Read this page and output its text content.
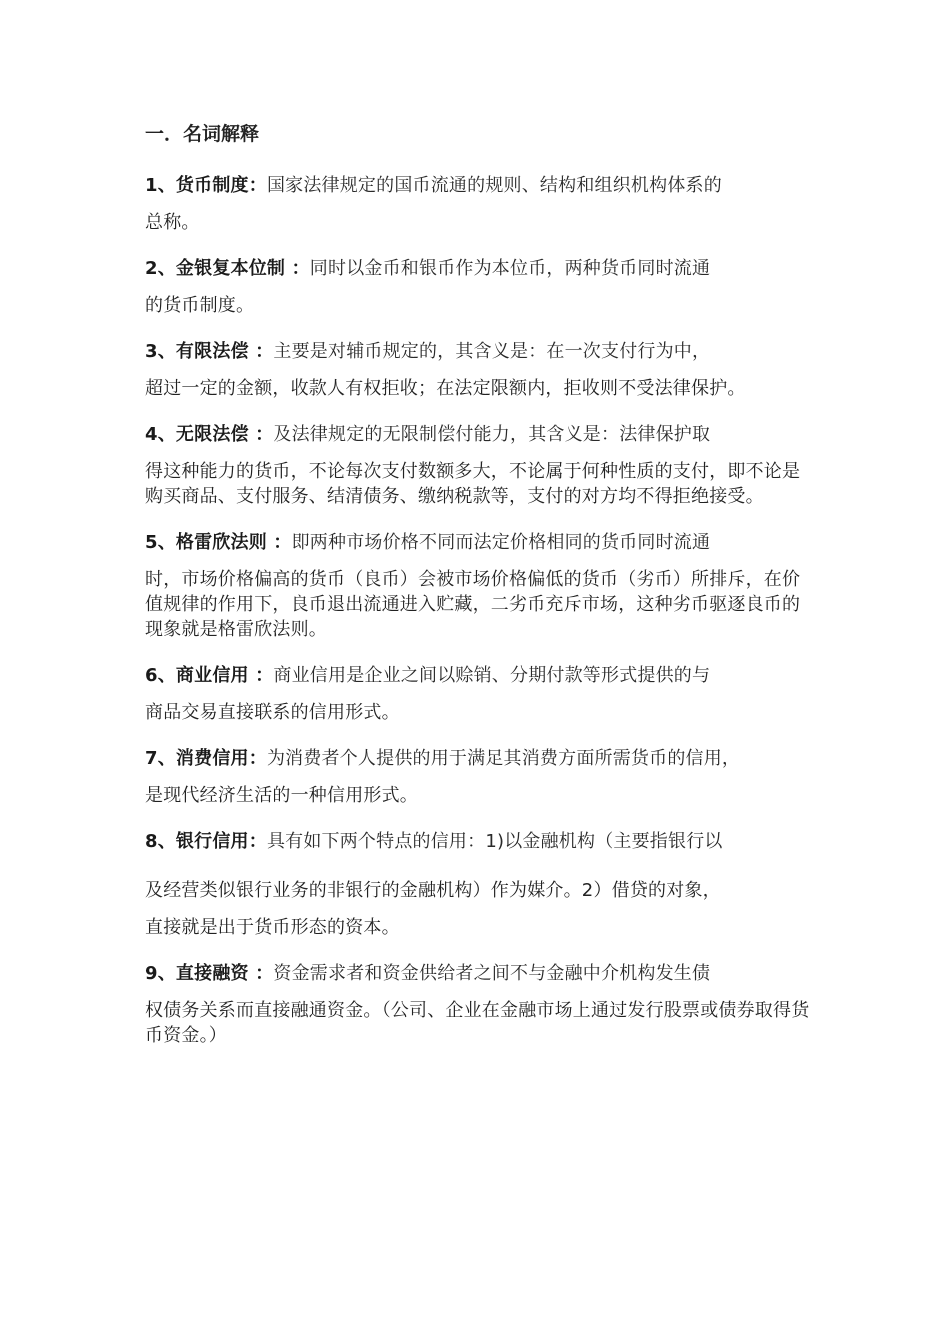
一．名词解释
1、货币制度：国家法律规定的国币流通的规则、结构和组织机构体系的
总称。
2、金银复本位制 ：同时以金币和银币作为本位币，两种货币同时流通
的货币制度。
3、有限法偿 ：主要是对辅币规定的，其含义是：在一次支付行为中，
超过一定的金额，收款人有权拒收；在法定限额内，拒收则不受法律保护。
4、无限法偿 ：及法律规定的无限制偿付能力，其含义是：法律保护取
得这种能力的货币，不论每次支付数额多大，不论属于何种性质的支付，即不论是购买商品、支付服务、结清债务、缴纳税款等，支付的对方均不得拒绝接受。
5、格雷欣法则 ：即两种市场价格不同而法定价格相同的货币同时流通
时，市场价格偏高的货币（良币）会被市场价格偏低的货币（劣币）所排斥，在价值规律的作用下，良币退出流通进入贮藏，二劣币充斥市场，这种劣币驱逐良币的现象就是格雷欣法则。
6、商业信用 ：商业信用是企业之间以赊销、分期付款等形式提供的与
商品交易直接联系的信用形式。
7、消费信用：为消费者个人提供的用于满足其消费方面所需货币的信用，
是现代经济生活的一种信用形式。
8、银行信用：具有如下两个特点的信用：1)以金融机构（主要指银行以
及经营类似银行业务的非银行的金融机构）作为媒介。2）借贷的对象，
直接就是出于货币形态的资本。
9、直接融资 ：资金需求者和资金供给者之间不与金融中介机构发生债
权债务关系而直接融通资金。（公司、企业在金融市场上通过发行股票或债券取得货币资金。）
